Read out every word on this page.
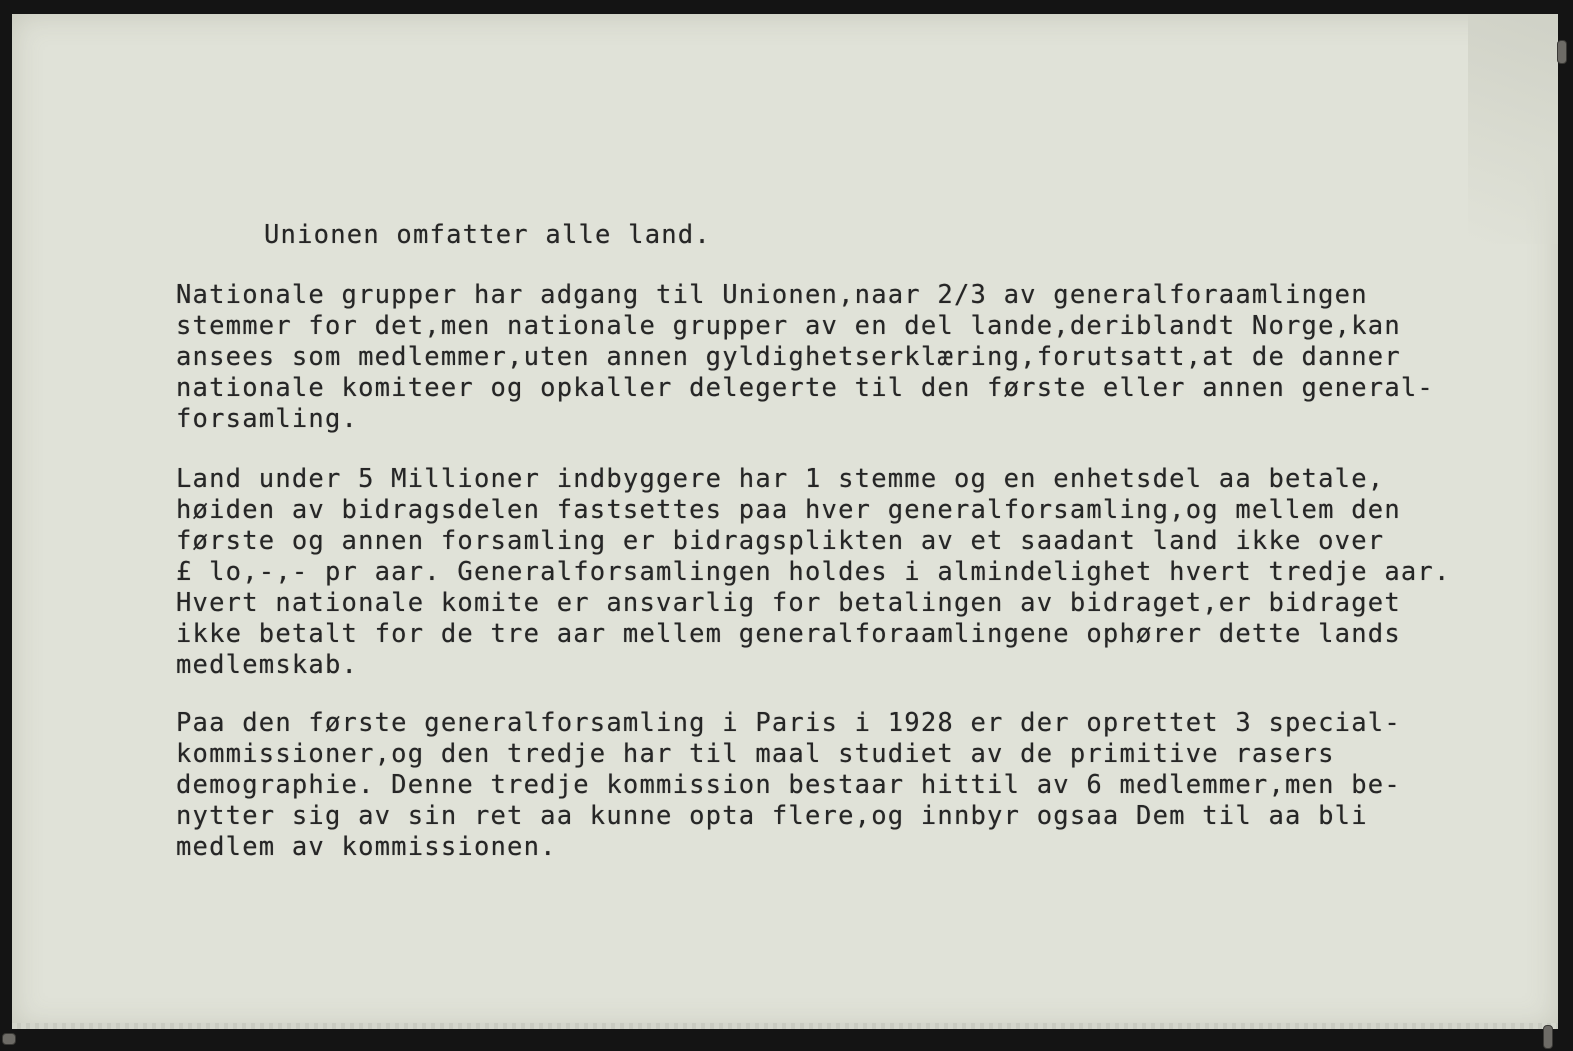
Unionen omfatter alle land.
Nationale grupper har adgang til Unionen,naar 2/3 av generalforaamlingen
stemmer for det,men nationale grupper av en del lande,deriblandt Norge,kan
ansees som medlemmer,uten annen gyldighetserklæring,forutsatt,at de danner
nationale komiteer og opkaller delegerte til den første eller annen general-
forsamling.
Land under 5 Millioner indbyggere har 1 stemme og en enhetsdel aa betale,
høiden av bidragsdelen fastsettes paa hver generalforsamling,og mellem den
første og annen forsamling er bidragsplikten av et saadant land ikke over
£ lo,-,- pr aar. Generalforsamlingen holdes i almindelighet hvert tredje aar.
Hvert nationale komite er ansvarlig for betalingen av bidraget,er bidraget
ikke betalt for de tre aar mellem generalforaamlingene ophører dette lands
medlemskab.
Paa den første generalforsamling i Paris i 1928 er der oprettet 3 special-
kommissioner,og den tredje har til maal studiet av de primitive rasers
demographie. Denne tredje kommission bestaar hittil av 6 medlemmer,men be-
nytter sig av sin ret aa kunne opta flere,og innbyr ogsaa Dem til aa bli
medlem av kommissionen.
